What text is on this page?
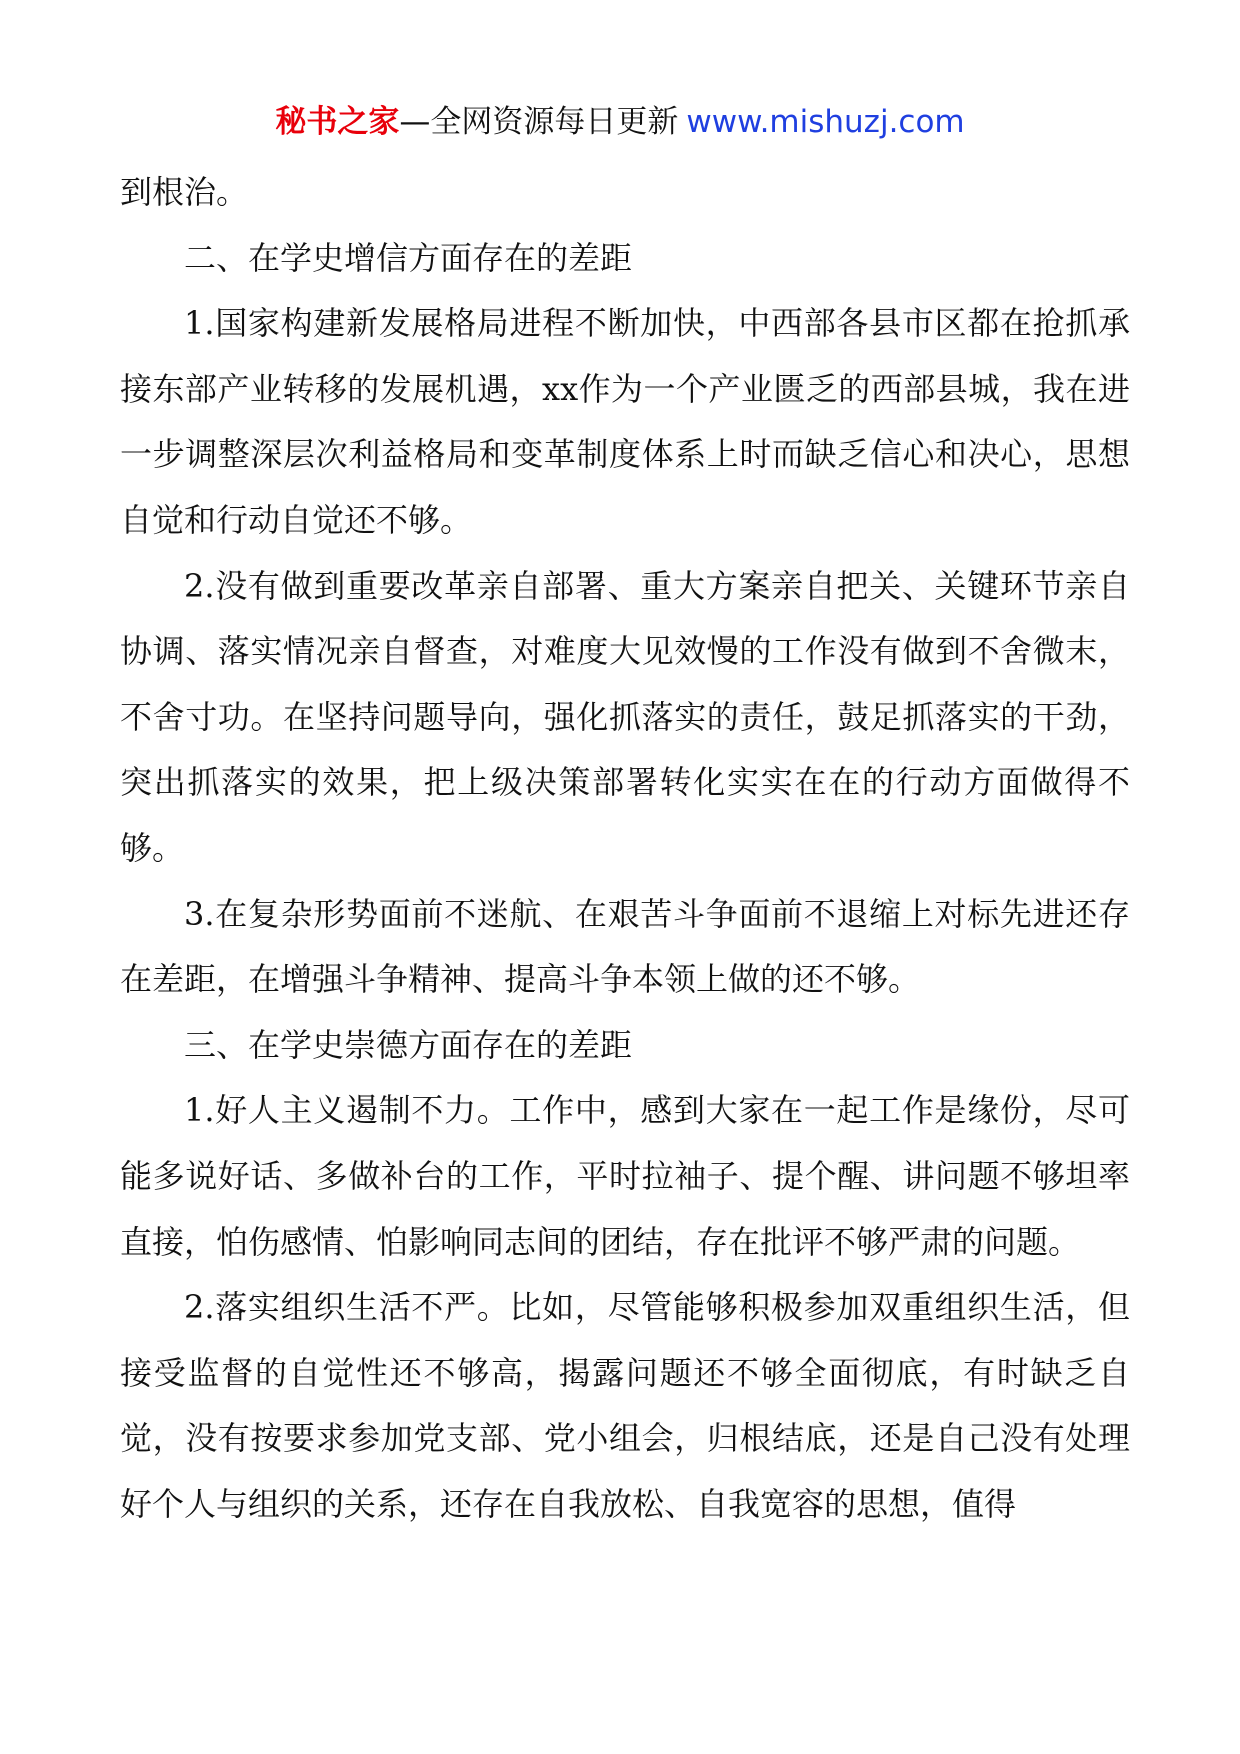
秘书之家—全网资源每日更新 www.mishuzj.com

到根治。

二、在学史增信方面存在的差距

1.国家构建新发展格局进程不断加快，中西部各县市区都在抢抓承接东部产业转移的发展机遇，xx作为一个产业匮乏的西部县城，我在进一步调整深层次利益格局和变革制度体系上时而缺乏信心和决心，思想自觉和行动自觉还不够。

2.没有做到重要改革亲自部署、重大方案亲自把关、关键环节亲自协调、落实情况亲自督查，对难度大见效慢的工作没有做到不舍微末，不舍寸功。在坚持问题导向，强化抓落实的责任，鼓足抓落实的干劲，突出抓落实的效果，把上级决策部署转化实实在在的行动方面做得不够。

3.在复杂形势面前不迷航、在艰苦斗争面前不退缩上对标先进还存在差距，在增强斗争精神、提高斗争本领上做的还不够。

三、在学史崇德方面存在的差距

1.好人主义遏制不力。工作中，感到大家在一起工作是缘份，尽可能多说好话、多做补台的工作，平时拉袖子、提个醒、讲问题不够坦率直接，怕伤感情、怕影响同志间的团结，存在批评不够严肃的问题。

2.落实组织生活不严。比如，尽管能够积极参加双重组织生活，但接受监督的自觉性还不够高，揭露问题还不够全面彻底，有时缺乏自觉，没有按要求参加党支部、党小组会，归根结底，还是自己没有处理好个人与组织的关系，还存在自我放松、自我宽容的思想，值得
